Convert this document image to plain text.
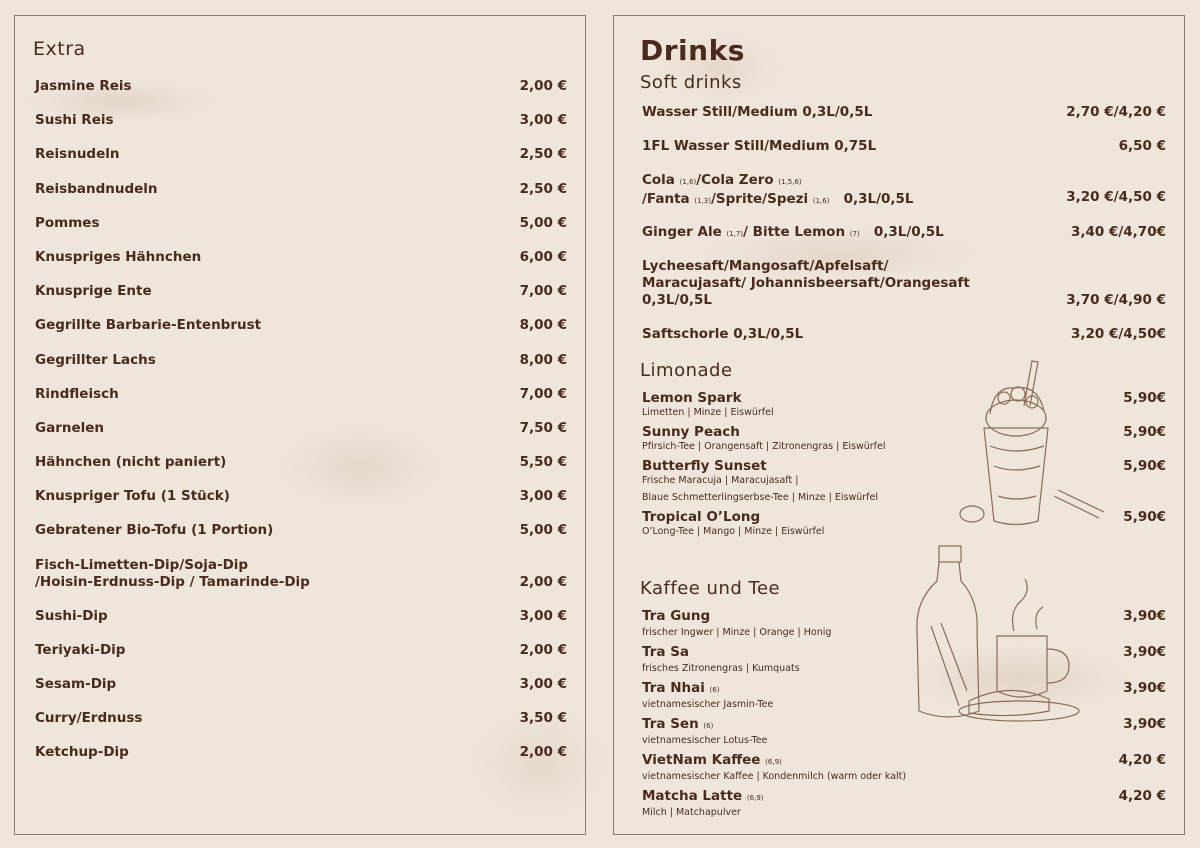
Extra
Jasmine Reis	2,00 €
Sushi Reis	3,00 €
Reisnudeln	2,50 €
Reisbandnudeln	2,50 €
Pommes	5,00 €
Knuspriges Hähnchen	6,00 €
Knusprige Ente	7,00 €
Gegrillte Barbarie-Entenbrust	8,00 €
Gegrillter Lachs	8,00 €
Rindfleisch	7,00 €
Garnelen	7,50 €
Hähnchen (nicht paniert)	5,50 €
Knuspriger Tofu (1 Stück)	3,00 €
Gebratener Bio-Tofu (1 Portion)	5,00 €
Fisch-Limetten-Dip/Soja-Dip
/Hoisin-Erdnuss-Dip / Tamarinde-Dip	2,00 €
Sushi-Dip	3,00 €
Teriyaki-Dip	2,00 €
Sesam-Dip	3,00 €
Curry/Erdnuss	3,50 €
Ketchup-Dip	2,00 €
Drinks
Soft drinks
Wasser Still/Medium 0,3L/0,5L	2,70 €/4,20 €
1FL Wasser Still/Medium 0,75L	6,50 €
Cola (1,6)/Cola Zero (1,5,6)
/Fanta (1,3)/Sprite/Spezi (1,6) 0,3L/0,5L	3,20 €/4,50 €
Ginger Ale (1,7)/ Bitte Lemon (7) 0,3L/0,5L	3,40 €/4,70€
Lycheesaft/Mangosaft/Apfelsaft/
Maracujasaft/ Johannisbeersaft/Orangesaft
0,3L/0,5L	3,70 €/4,90 €
Saftschorle 0,3L/0,5L	3,20 €/4,50€
Limonade
Lemon Spark	5,90€
Limetten | Minze | Eiswürfel
Sunny Peach	5,90€
Pfirsich-Tee | Orangensaft | Zitronengras | Eiswürfel
Butterfly Sunset	5,90€
Frische Maracuja | Maracujasaft |
Blaue Schmetterlingserbse-Tee | Minze | Eiswürfel
Tropical O’Long	5,90€
O’Long-Tee | Mango | Minze | Eiswürfel
Kaffee und Tee
Tra Gung	3,90€
frischer Ingwer | Minze | Orange | Honig
Tra Sa	3,90€
frisches Zitronengras | Kumquats
Tra Nhai (6)	3,90€
vietnamesischer Jasmin-Tee
Tra Sen (6)	3,90€
vietnamesischer Lotus-Tee
VietNam Kaffee (6,9)	4,20 €
vietnamesischer Kaffee | Kondenmilch (warm oder kalt)
Matcha Latte (6,9)	4,20 €
Milch | Matchapulver
